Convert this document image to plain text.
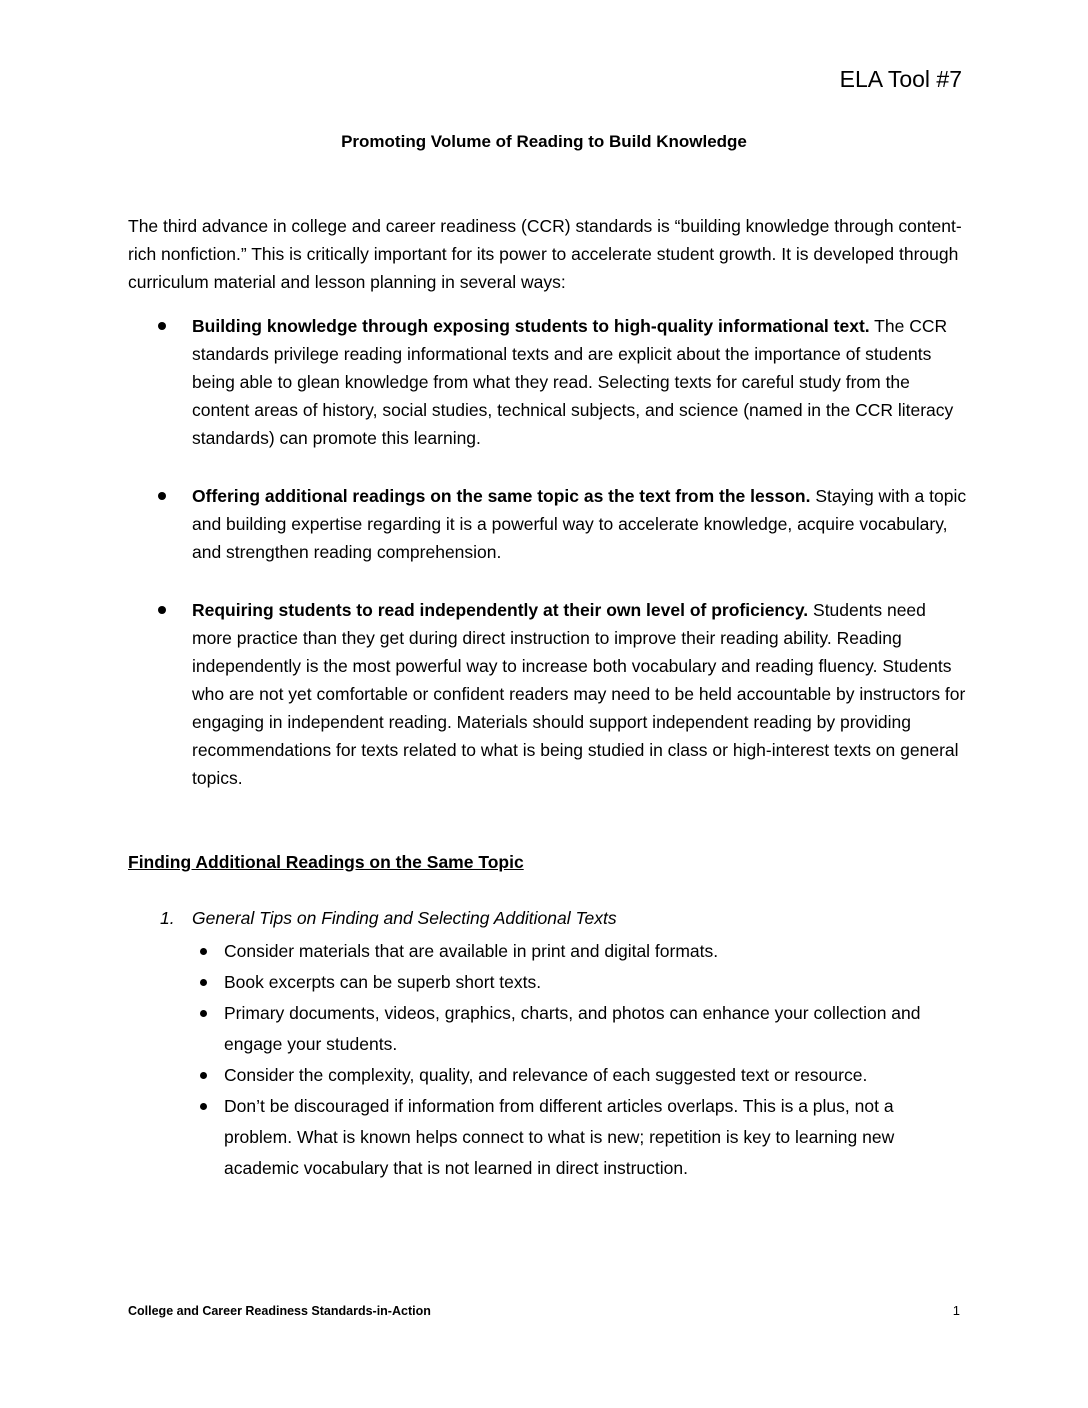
ELA Tool #7
Promoting Volume of Reading to Build Knowledge

The third advance in college and career readiness (CCR) standards is “building knowledge through content-rich nonfiction.” This is critically important for its power to accelerate student growth. It is developed through curriculum material and lesson planning in several ways:

Building knowledge through exposing students to high-quality informational text. The CCR standards privilege reading informational texts and are explicit about the importance of students being able to glean knowledge from what they read. Selecting texts for careful study from the content areas of history, social studies, technical subjects, and science (named in the CCR literacy standards) can promote this learning.
Offering additional readings on the same topic as the text from the lesson. Staying with a topic and building expertise regarding it is a powerful way to accelerate knowledge, acquire vocabulary, and strengthen reading comprehension.
Requiring students to read independently at their own level of proficiency. Students need more practice than they get during direct instruction to improve their reading ability. Reading independently is the most powerful way to increase both vocabulary and reading fluency. Students who are not yet comfortable or confident readers may need to be held accountable by instructors for engaging in independent reading. Materials should support independent reading by providing recommendations for texts related to what is being studied in class or high-interest texts on general topics.
Finding Additional Readings on the Same Topic
1. General Tips on Finding and Selecting Additional Texts
Consider materials that are available in print and digital formats.
Book excerpts can be superb short texts.
Primary documents, videos, graphics, charts, and photos can enhance your collection and engage your students.
Consider the complexity, quality, and relevance of each suggested text or resource.
Don’t be discouraged if information from different articles overlaps. This is a plus, not a problem. What is known helps connect to what is new; repetition is key to learning new academic vocabulary that is not learned in direct instruction.
College and Career Readiness Standards-in-Action	1
